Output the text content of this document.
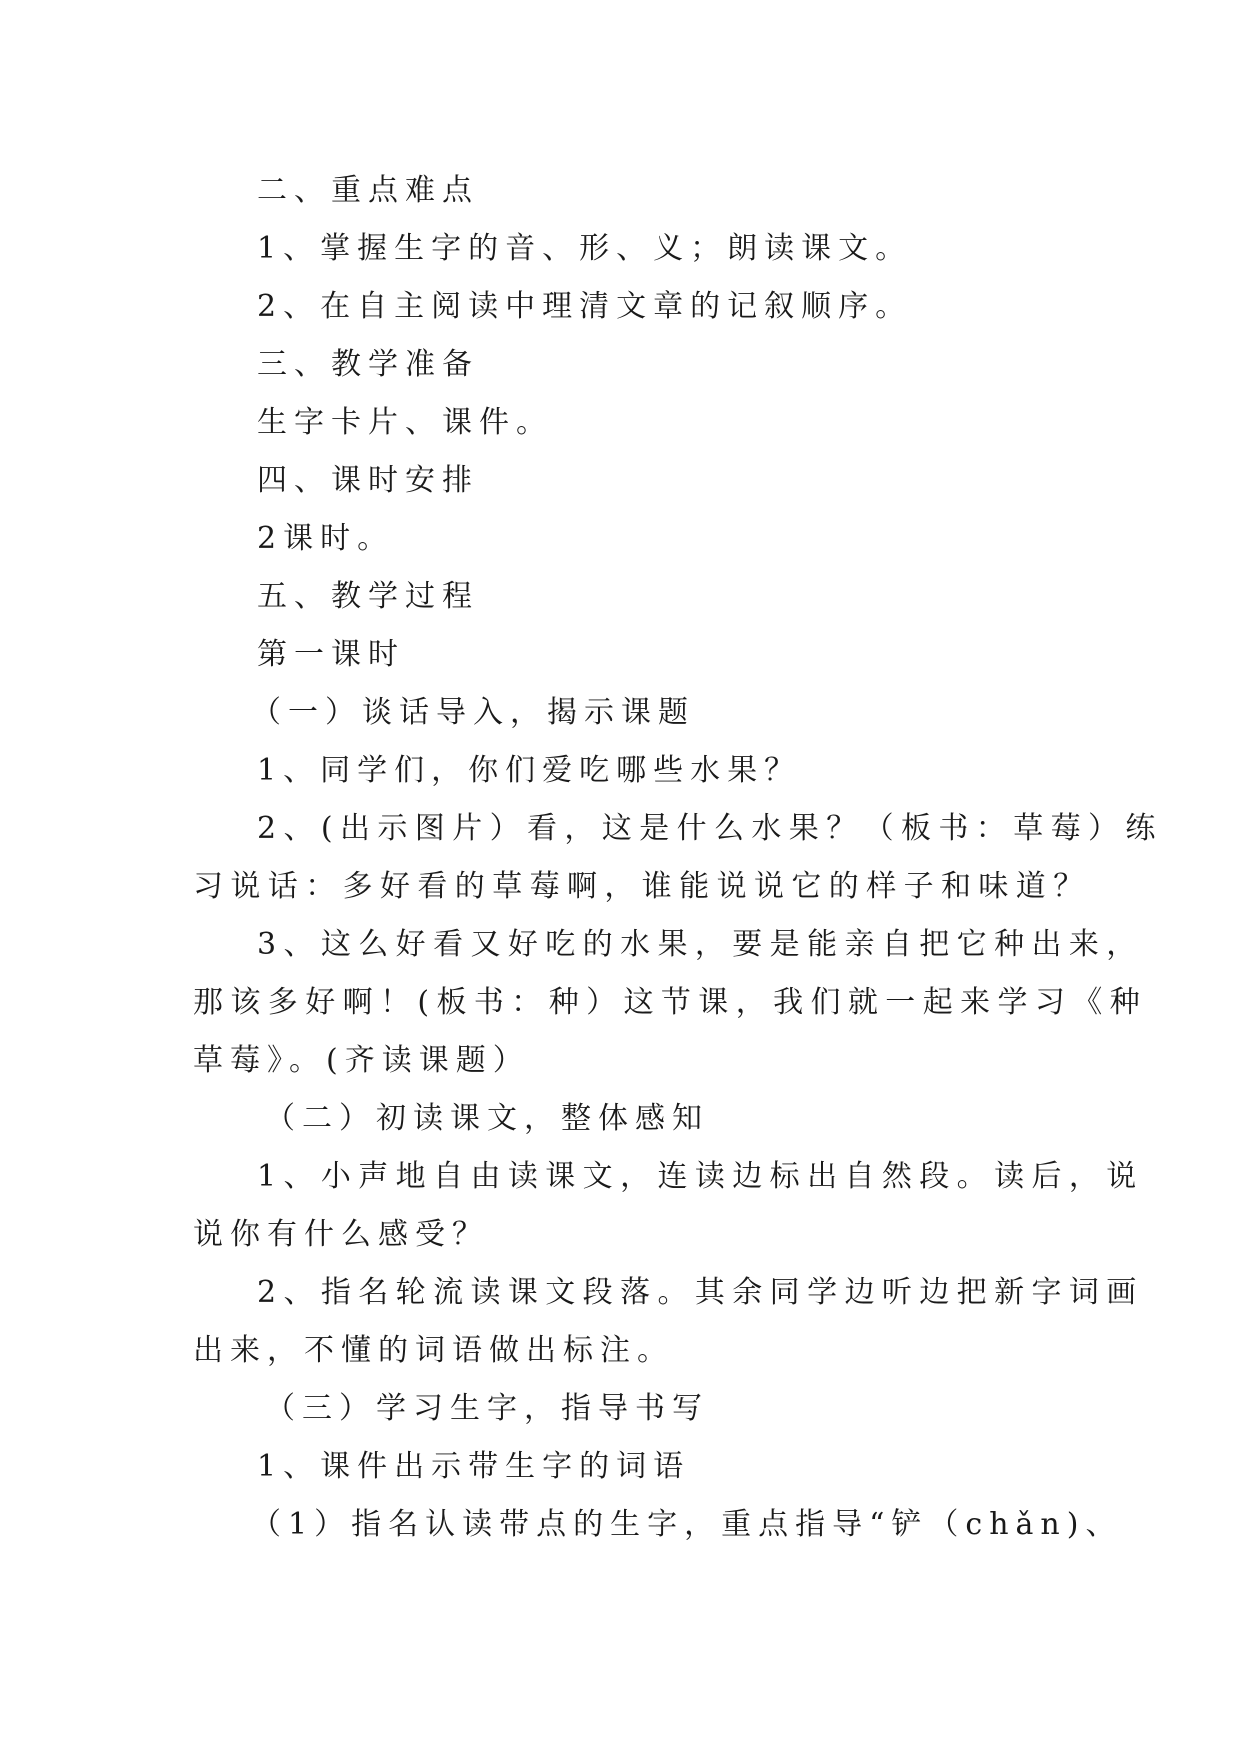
二、重点难点
1、掌握生字的音、形、义；朗读课文。
2、在自主阅读中理清文章的记叙顺序。
三、教学准备
生字卡片、课件。
四、课时安排
2课时。
五、教学过程
第一课时
（一）谈话导入，揭示课题
1、同学们，你们爱吃哪些水果？
2、(出示图片）看，这是什么水果？（板书：草莓）练
习说话：多好看的草莓啊，谁能说说它的样子和味道？
3、这么好看又好吃的水果，要是能亲自把它种出来，
那该多好啊！(板书：种）这节课，我们就一起来学习《种
草莓》。(齐读课题）
（二）初读课文，整体感知
1、小声地自由读课文，连读边标出自然段。读后，说
说你有什么感受？
2、指名轮流读课文段落。其余同学边听边把新字词画
出来，不懂的词语做出标注。
（三）学习生字，指导书写
1、课件出示带生字的词语
（1）指名认读带点的生字，重点指导“铲（chǎn)、
